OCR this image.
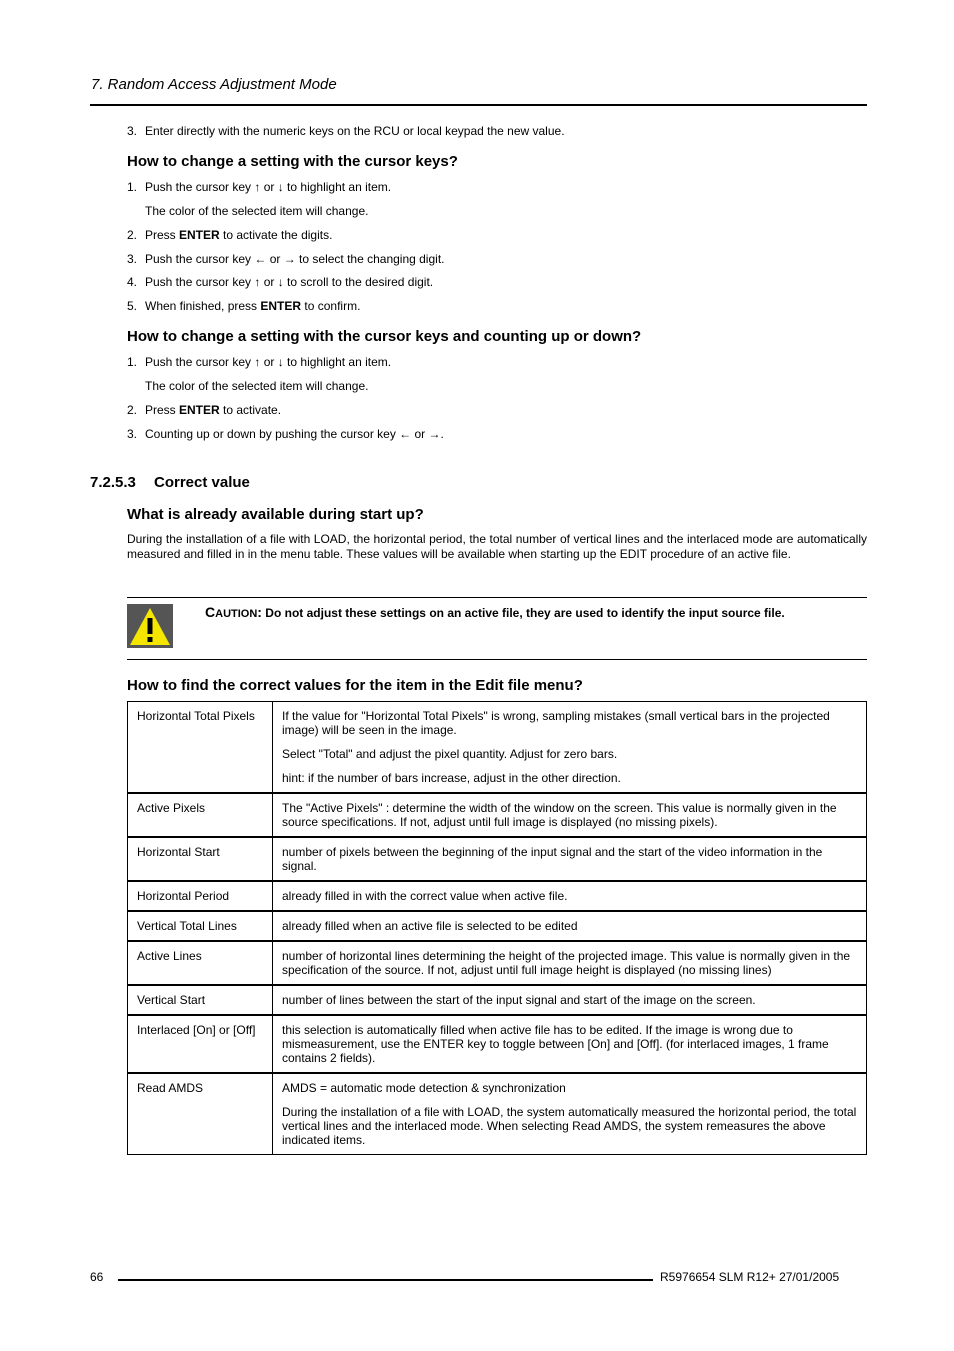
7. Random Access Adjustment Mode
3. Enter directly with the numeric keys on the RCU or local keypad the new value.
How to change a setting with the cursor keys?
1. Push the cursor key ↑ or ↓ to highlight an item.
The color of the selected item will change.
2. Press ENTER to activate the digits.
3. Push the cursor key ← or → to select the changing digit.
4. Push the cursor key ↑ or ↓ to scroll to the desired digit.
5. When finished, press ENTER to confirm.
How to change a setting with the cursor keys and counting up or down?
1. Push the cursor key ↑ or ↓ to highlight an item.
The color of the selected item will change.
2. Press ENTER to activate.
3. Counting up or down by pushing the cursor key ← or →.
What is already available during start up?
During the installation of a file with LOAD, the horizontal period, the total number of vertical lines and the interlaced mode are automatically measured and filled in in the menu table. These values will be available when starting up the EDIT procedure of an active file.
CAUTION: Do not adjust these settings on an active file, they are used to identify the input source file.
How to find the correct values for the item in the Edit file menu?
Horizontal Total Pixels	If the value for "Horizontal Total Pixels" is wrong, sampling mistakes (small vertical bars in the projected image) will be seen in the image.

Select "Total" and adjust the pixel quantity. Adjust for zero bars.

hint: if the number of bars increase, adjust in the other direction.

Active Pixels	The "Active Pixels" : determine the width of the window on the screen. This value is normally given in the source specifications. If not, adjust until full image is displayed (no missing pixels).

Horizontal Start	number of pixels between the beginning of the input signal and the start of the video information in the signal.

Horizontal Period	already filled in with the correct value when active file.

Vertical Total Lines	already filled when an active file is selected to be edited

Active Lines	number of horizontal lines determining the height of the projected image. This value is normally given in the specification of the source. If not, adjust until full image height is displayed (no missing lines)

Vertical Start	number of lines between the start of the input signal and start of the image on the screen.

Interlaced [On] or [Off]	this selection is automatically filled when active file has to be edited. If the image is wrong due to mismeasurement, use the ENTER key to toggle between [On] and [Off]. (for interlaced images, 1 frame contains 2 fields).

Read AMDS	AMDS = automatic mode detection & synchronization

During the installation of a file with LOAD, the system automatically measured the horizontal period, the total vertical lines and the interlaced mode. When selecting Read AMDS, the system remeasures the above indicated items.

7.2.5.3 Correct value
66	R5976654 SLM R12+ 27/01/2005
